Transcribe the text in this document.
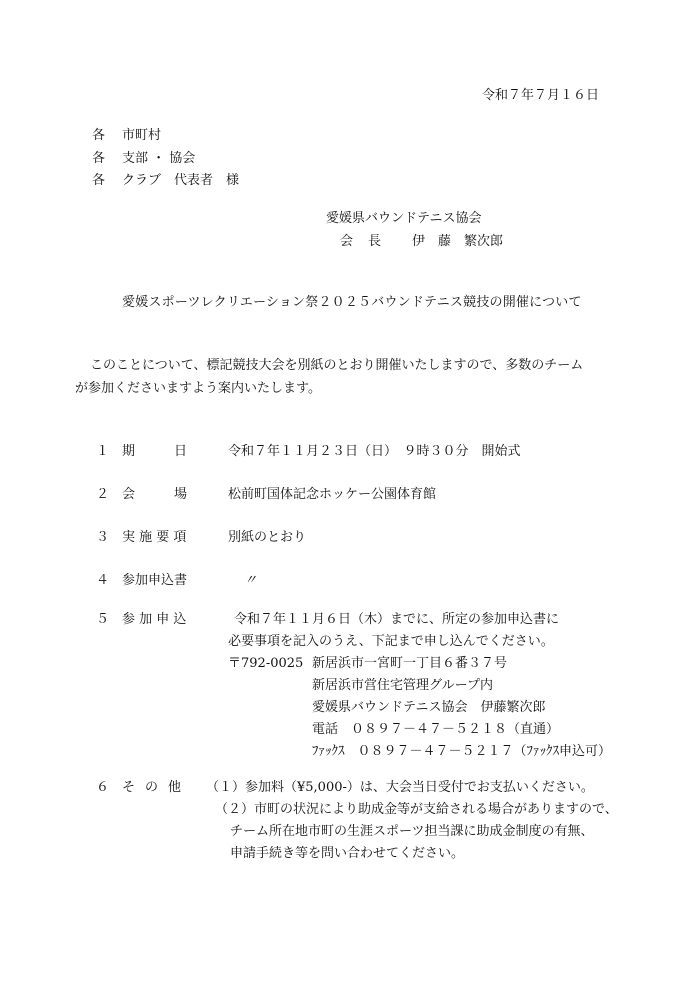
令和７年７月１６日
各 市町村
各 支部 ・ 協会
各 クラブ　代表者　様
愛媛県バウンドテニス協会
会　長 伊　藤　繁次郎
愛媛スポーツレクリエーション祭２０２５バウンドテニス競技の開催について
このことについて、標記競技大会を別紙のとおり開催いたしますので、多数のチーム
が参加くださいますよう案内いたします。
１ 期　　　日	令和７年１１月２３日（日）　９時３０分　開始式
２ 会　　　場	松前町国体記念ホッケー公園体育館
３ 実 施 要 項	別紙のとおり
４ 参加申込書	〃
５ 参 加 申 込	令和７年１１月６日（木）までに、所定の参加申込書に
必要事項を記入のうえ、下記まで申し込んでください。
〒792-0025 新居浜市一宮町一丁目６番３７号
新居浜市営住宅管理グループ内
愛媛県バウンドテニス協会　伊藤繁次郎
電話　０８９７－４７－５２１８（直通）
ﾌｧｯｸｽ　０８９７－４７－５２１７（ﾌｧｯｸｽ申込可）
６ その他 （１）参加料（¥5,000-）は、大会当日受付でお支払いください。
（２）市町の状況により助成金等が支給される場合がありますので、
チーム所在地市町の生涯スポーツ担当課に助成金制度の有無、
申請手続き等を問い合わせてください。
